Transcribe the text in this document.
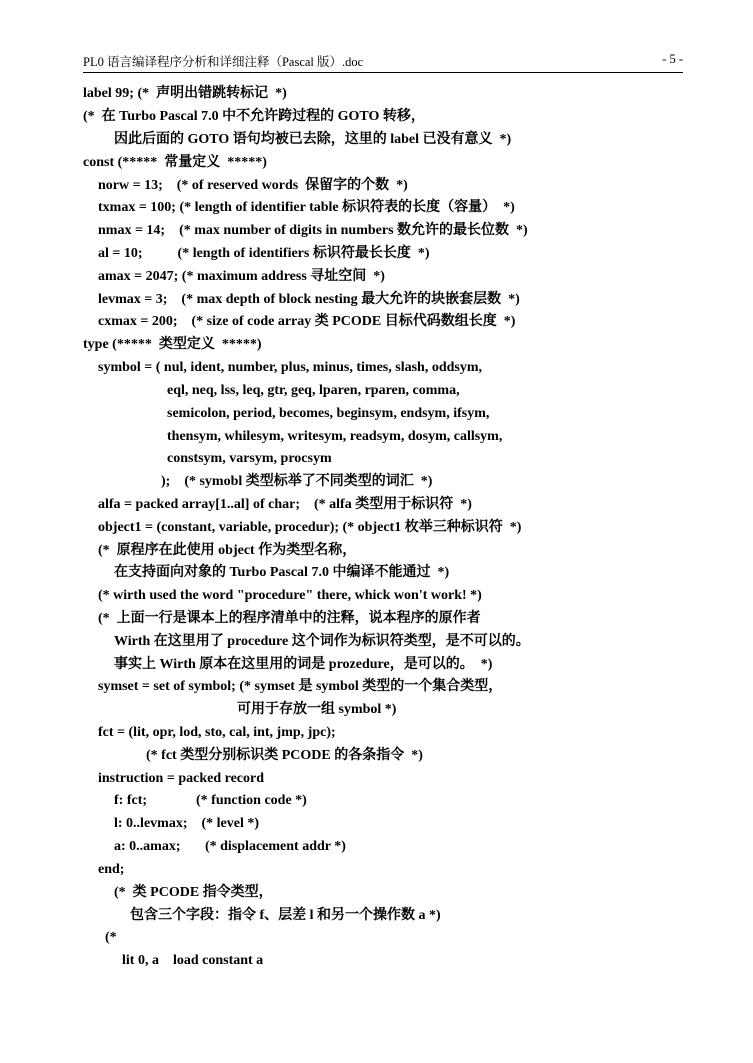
PL0 语言编译程序分析和详细注释（Pascal 版）.doc	- 5 -
label 99; (*  声明出错跳转标记  *)
(*  在 Turbo Pascal 7.0 中不允许跨过程的 GOTO 转移，
因此后面的 GOTO 语句均被已去除，这里的 label 已没有意义  *)
const (*****  常量定义  *****)
norw = 13;    (* of reserved words  保留字的个数  *)
txmax = 100; (* length of identifier table 标识符表的长度（容量）  *)
nmax = 14;    (* max number of digits in numbers 数允许的最长位数  *)
al = 10;          (* length of identifiers 标识符最长长度  *)
amax = 2047; (* maximum address 寻址空间  *)
levmax = 3;    (* max depth of block nesting 最大允许的块嵌套层数  *)
cxmax = 200;    (* size of code array 类 PCODE 目标代码数组长度  *)
type (*****  类型定义  *****)
symbol = ( nul, ident, number, plus, minus, times, slash, oddsym,
eql, neq, lss, leq, gtr, geq, lparen, rparen, comma,
semicolon, period, becomes, beginsym, endsym, ifsym,
thensym, whilesym, writesym, readsym, dosym, callsym,
constsym, varsym, procsym
);    (* symobl 类型标举了不同类型的词汇  *)
alfa = packed array[1..al] of char;    (* alfa 类型用于标识符  *)
object1 = (constant, variable, procedur); (* object1 枚举三种标识符  *)
(*  原程序在此使用 object 作为类型名称，
在支持面向对象的 Turbo Pascal 7.0 中编译不能通过  *)
(* wirth used the word "procedure" there, whick won't work! *)
(*  上面一行是课本上的程序清单中的注释，说本程序的原作者
Wirth 在这里用了 procedure 这个词作为标识符类型，是不可以的。
事实上 Wirth 原本在这里用的词是 prozedure，是可以的。  *)
symset = set of symbol; (* symset 是 symbol 类型的一个集合类型，
可用于存放一组 symbol *)
fct = (lit, opr, lod, sto, cal, int, jmp, jpc);
(* fct 类型分别标识类 PCODE 的各条指令  *)
instruction = packed record
f: fct;              (* function code *)
l: 0..levmax;    (* level *)
a: 0..amax;       (* displacement addr *)
end;
(*  类 PCODE 指令类型，
包含三个字段：指令 f、层差 l 和另一个操作数 a *)
(*
lit 0, a    load constant a
